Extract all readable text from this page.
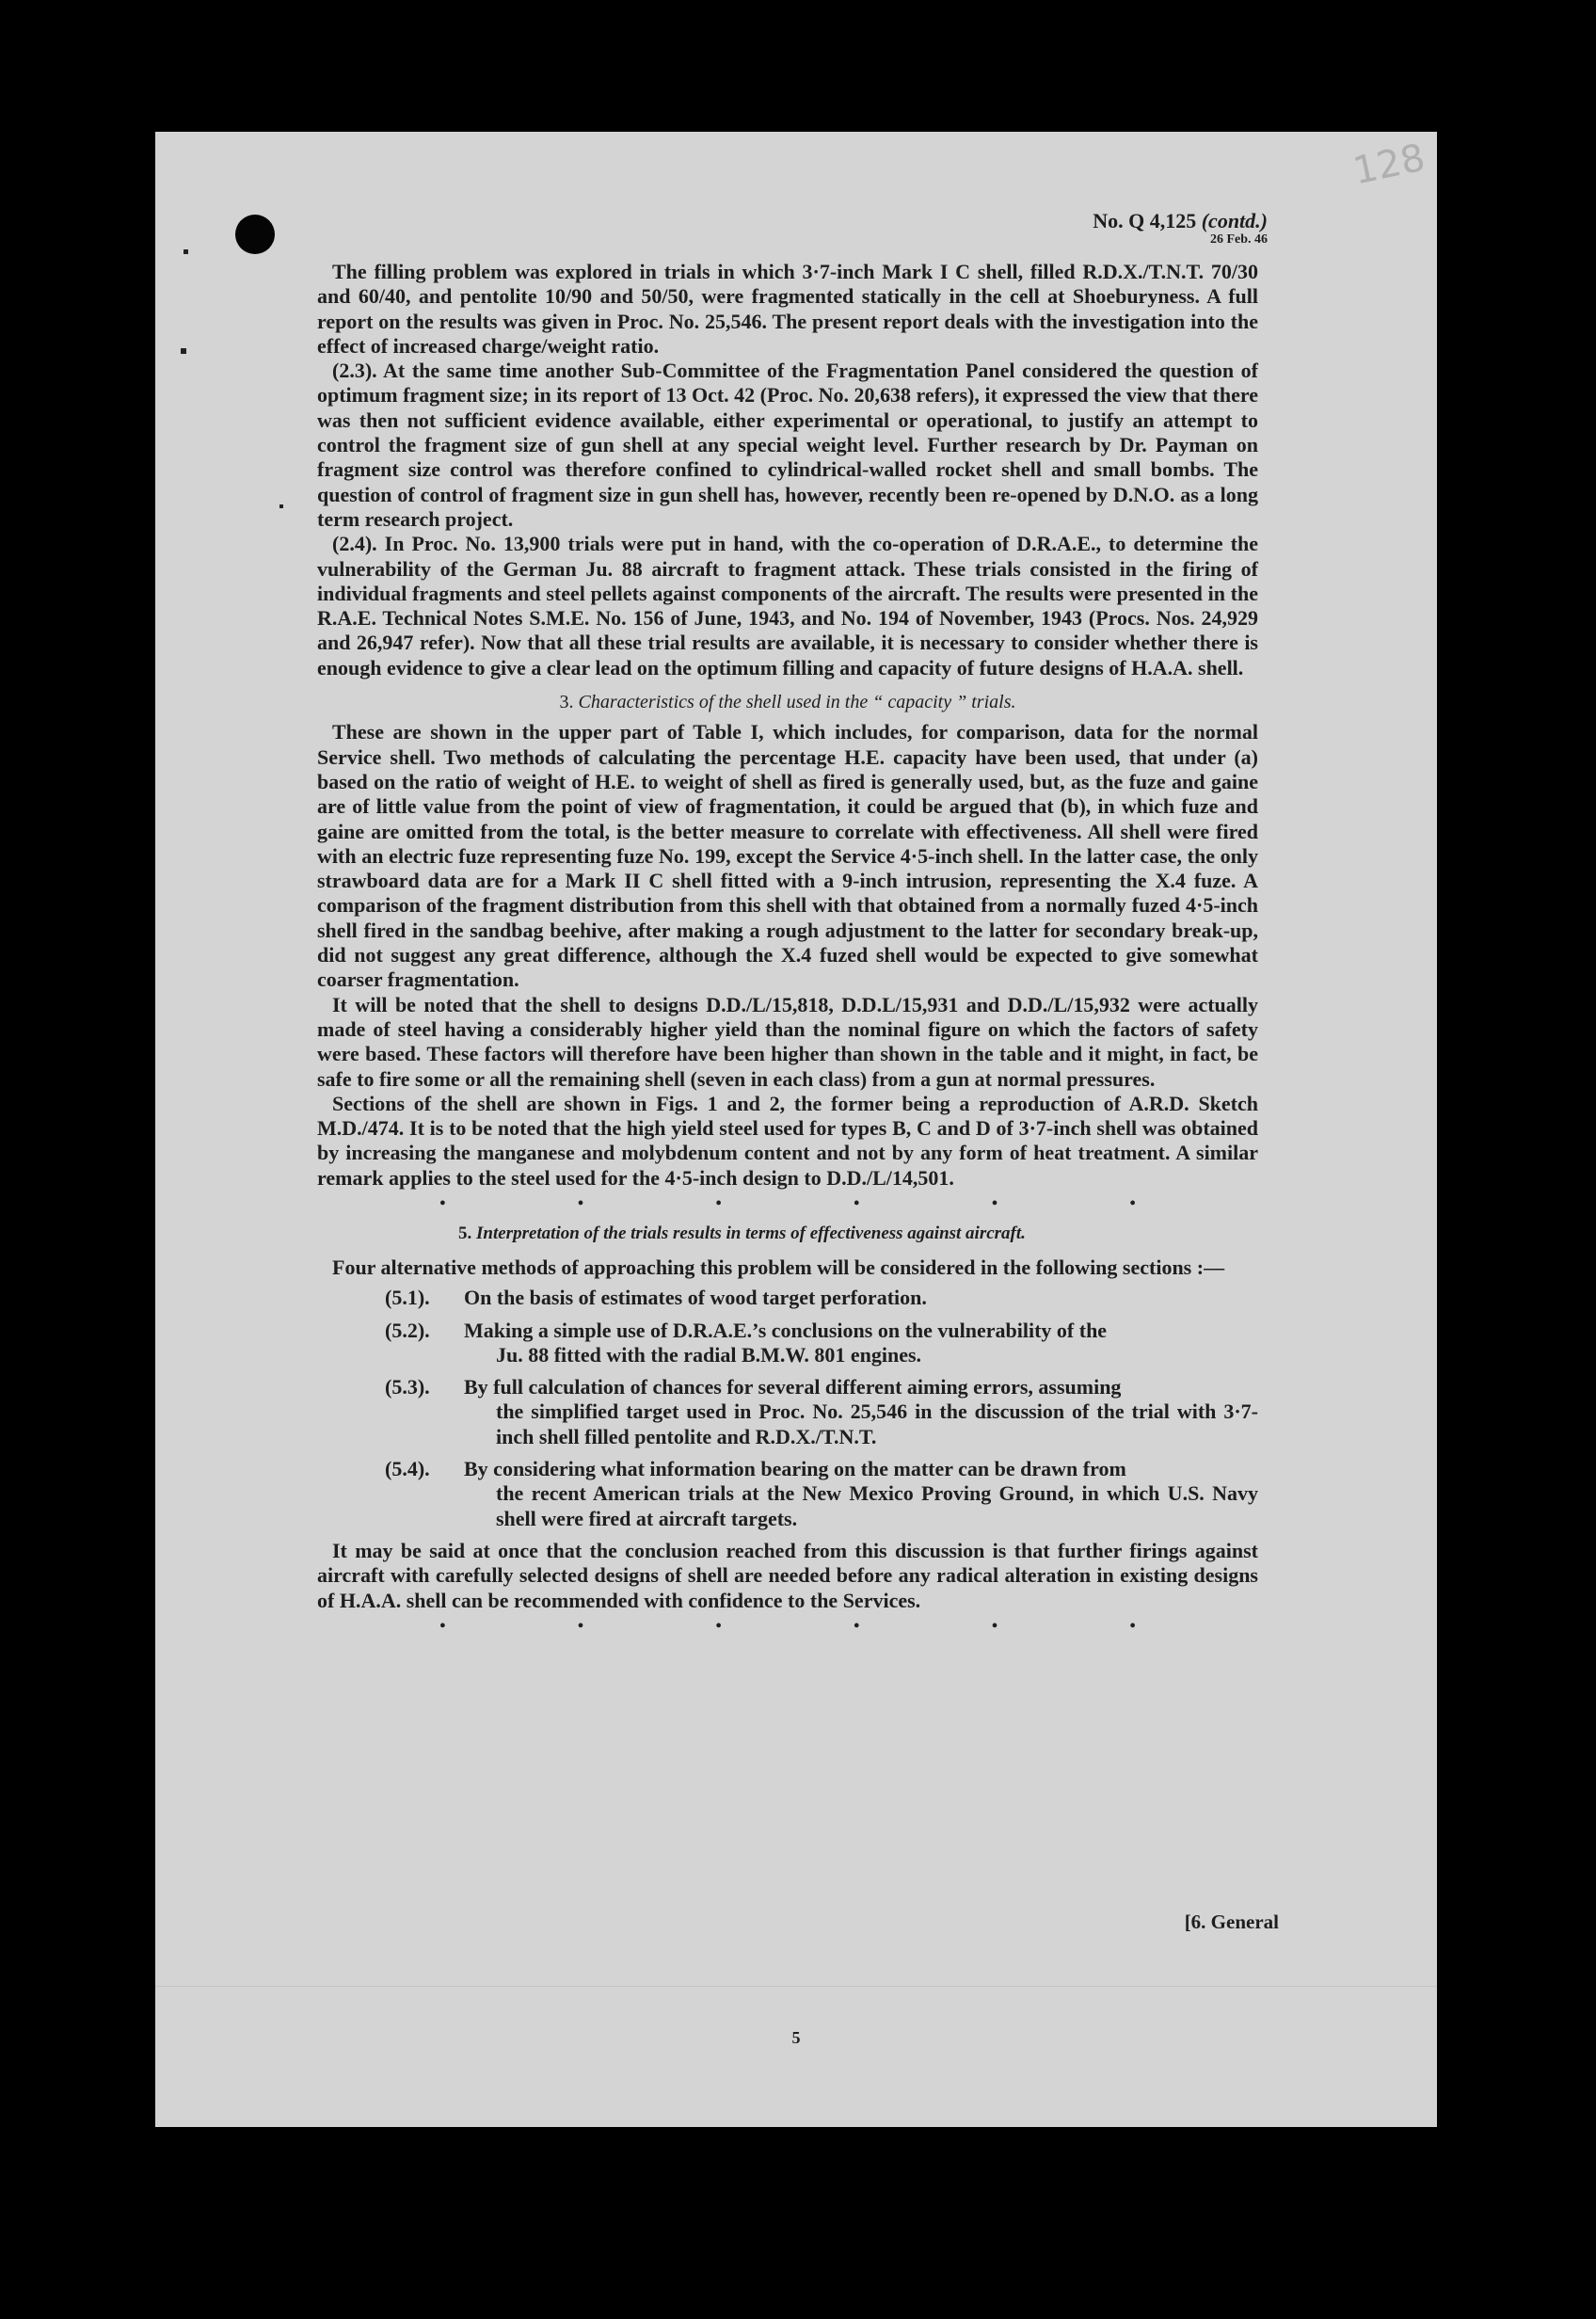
128
No. Q 4,125 (contd.)
26 Feb. 46

The filling problem was explored in trials in which 3·7-inch Mark I C shell, filled R.D.X./T.N.T. 70/30 and 60/40, and pentolite 10/90 and 50/50, were fragmented statically in the cell at Shoeburyness. A full report on the results was given in Proc. No. 25,546. The present report deals with the investigation into the effect of increased charge/weight ratio.

(2.3). At the same time another Sub-Committee of the Fragmentation Panel considered the question of optimum fragment size; in its report of 13 Oct. 42 (Proc. No. 20,638 refers), it expressed the view that there was then not sufficient evidence available, either experimental or operational, to justify an attempt to control the fragment size of gun shell at any special weight level. Further research by Dr. Payman on fragment size control was therefore confined to cylindrical-walled rocket shell and small bombs. The question of control of fragment size in gun shell has, however, recently been re-opened by D.N.O. as a long term research project.

(2.4). In Proc. No. 13,900 trials were put in hand, with the co-operation of D.R.A.E., to determine the vulnerability of the German Ju. 88 aircraft to fragment attack. These trials consisted in the firing of individual fragments and steel pellets against components of the aircraft. The results were presented in the R.A.E. Technical Notes S.M.E. No. 156 of June, 1943, and No. 194 of November, 1943 (Procs. Nos. 24,929 and 26,947 refer). Now that all these trial results are available, it is necessary to consider whether there is enough evidence to give a clear lead on the optimum filling and capacity of future designs of H.A.A. shell.

3. Characteristics of the shell used in the “ capacity ” trials.

These are shown in the upper part of Table I, which includes, for comparison, data for the normal Service shell. Two methods of calculating the percentage H.E. capacity have been used, that under (a) based on the ratio of weight of H.E. to weight of shell as fired is generally used, but, as the fuze and gaine are of little value from the point of view of fragmentation, it could be argued that (b), in which fuze and gaine are omitted from the total, is the better measure to correlate with effectiveness. All shell were fired with an electric fuze representing fuze No. 199, except the Service 4·5-inch shell. In the latter case, the only strawboard data are for a Mark II C shell fitted with a 9-inch intrusion, representing the X.4 fuze. A comparison of the fragment distribution from this shell with that obtained from a normally fuzed 4·5-inch shell fired in the sandbag beehive, after making a rough adjustment to the latter for secondary break-up, did not suggest any great difference, although the X.4 fuzed shell would be expected to give somewhat coarser fragmentation.

It will be noted that the shell to designs D.D./L/15,818, D.D.L/15,931 and D.D./L/15,932 were actually made of steel having a considerably higher yield than the nominal figure on which the factors of safety were based. These factors will therefore have been higher than shown in the table and it might, in fact, be safe to fire some or all the remaining shell (seven in each class) from a gun at normal pressures.

Sections of the shell are shown in Figs. 1 and 2, the former being a reproduction of A.R.D. Sketch M.D./474. It is to be noted that the high yield steel used for types B, C and D of 3·7-inch shell was obtained by increasing the manganese and molybdenum content and not by any form of heat treatment. A similar remark applies to the steel used for the 4·5-inch design to D.D./L/14,501.

•	•	•	•	•	•
5. Interpretation of the trials results in terms of effectiveness against aircraft.

Four alternative methods of approaching this problem will be considered in the following sections :—

(5.1).	On the basis of estimates of wood target perforation.
(5.2).	Making a simple use of D.R.A.E.’s conclusions on the vulnerability of the
Ju. 88 fitted with the radial B.M.W. 801 engines.
(5.3).	By full calculation of chances for several different aiming errors, assuming
the simplified target used in Proc. No. 25,546 in the discussion of the trial with 3·7-inch shell filled pentolite and R.D.X./T.N.T.
(5.4).	By considering what information bearing on the matter can be drawn from
the recent American trials at the New Mexico Proving Ground, in which U.S. Navy shell were fired at aircraft targets.

It may be said at once that the conclusion reached from this discussion is that further firings against aircraft with carefully selected designs of shell are needed before any radical alteration in existing designs of H.A.A. shell can be recommended with confidence to the Services.

•	•	•	•	•	•
[6. General
5
